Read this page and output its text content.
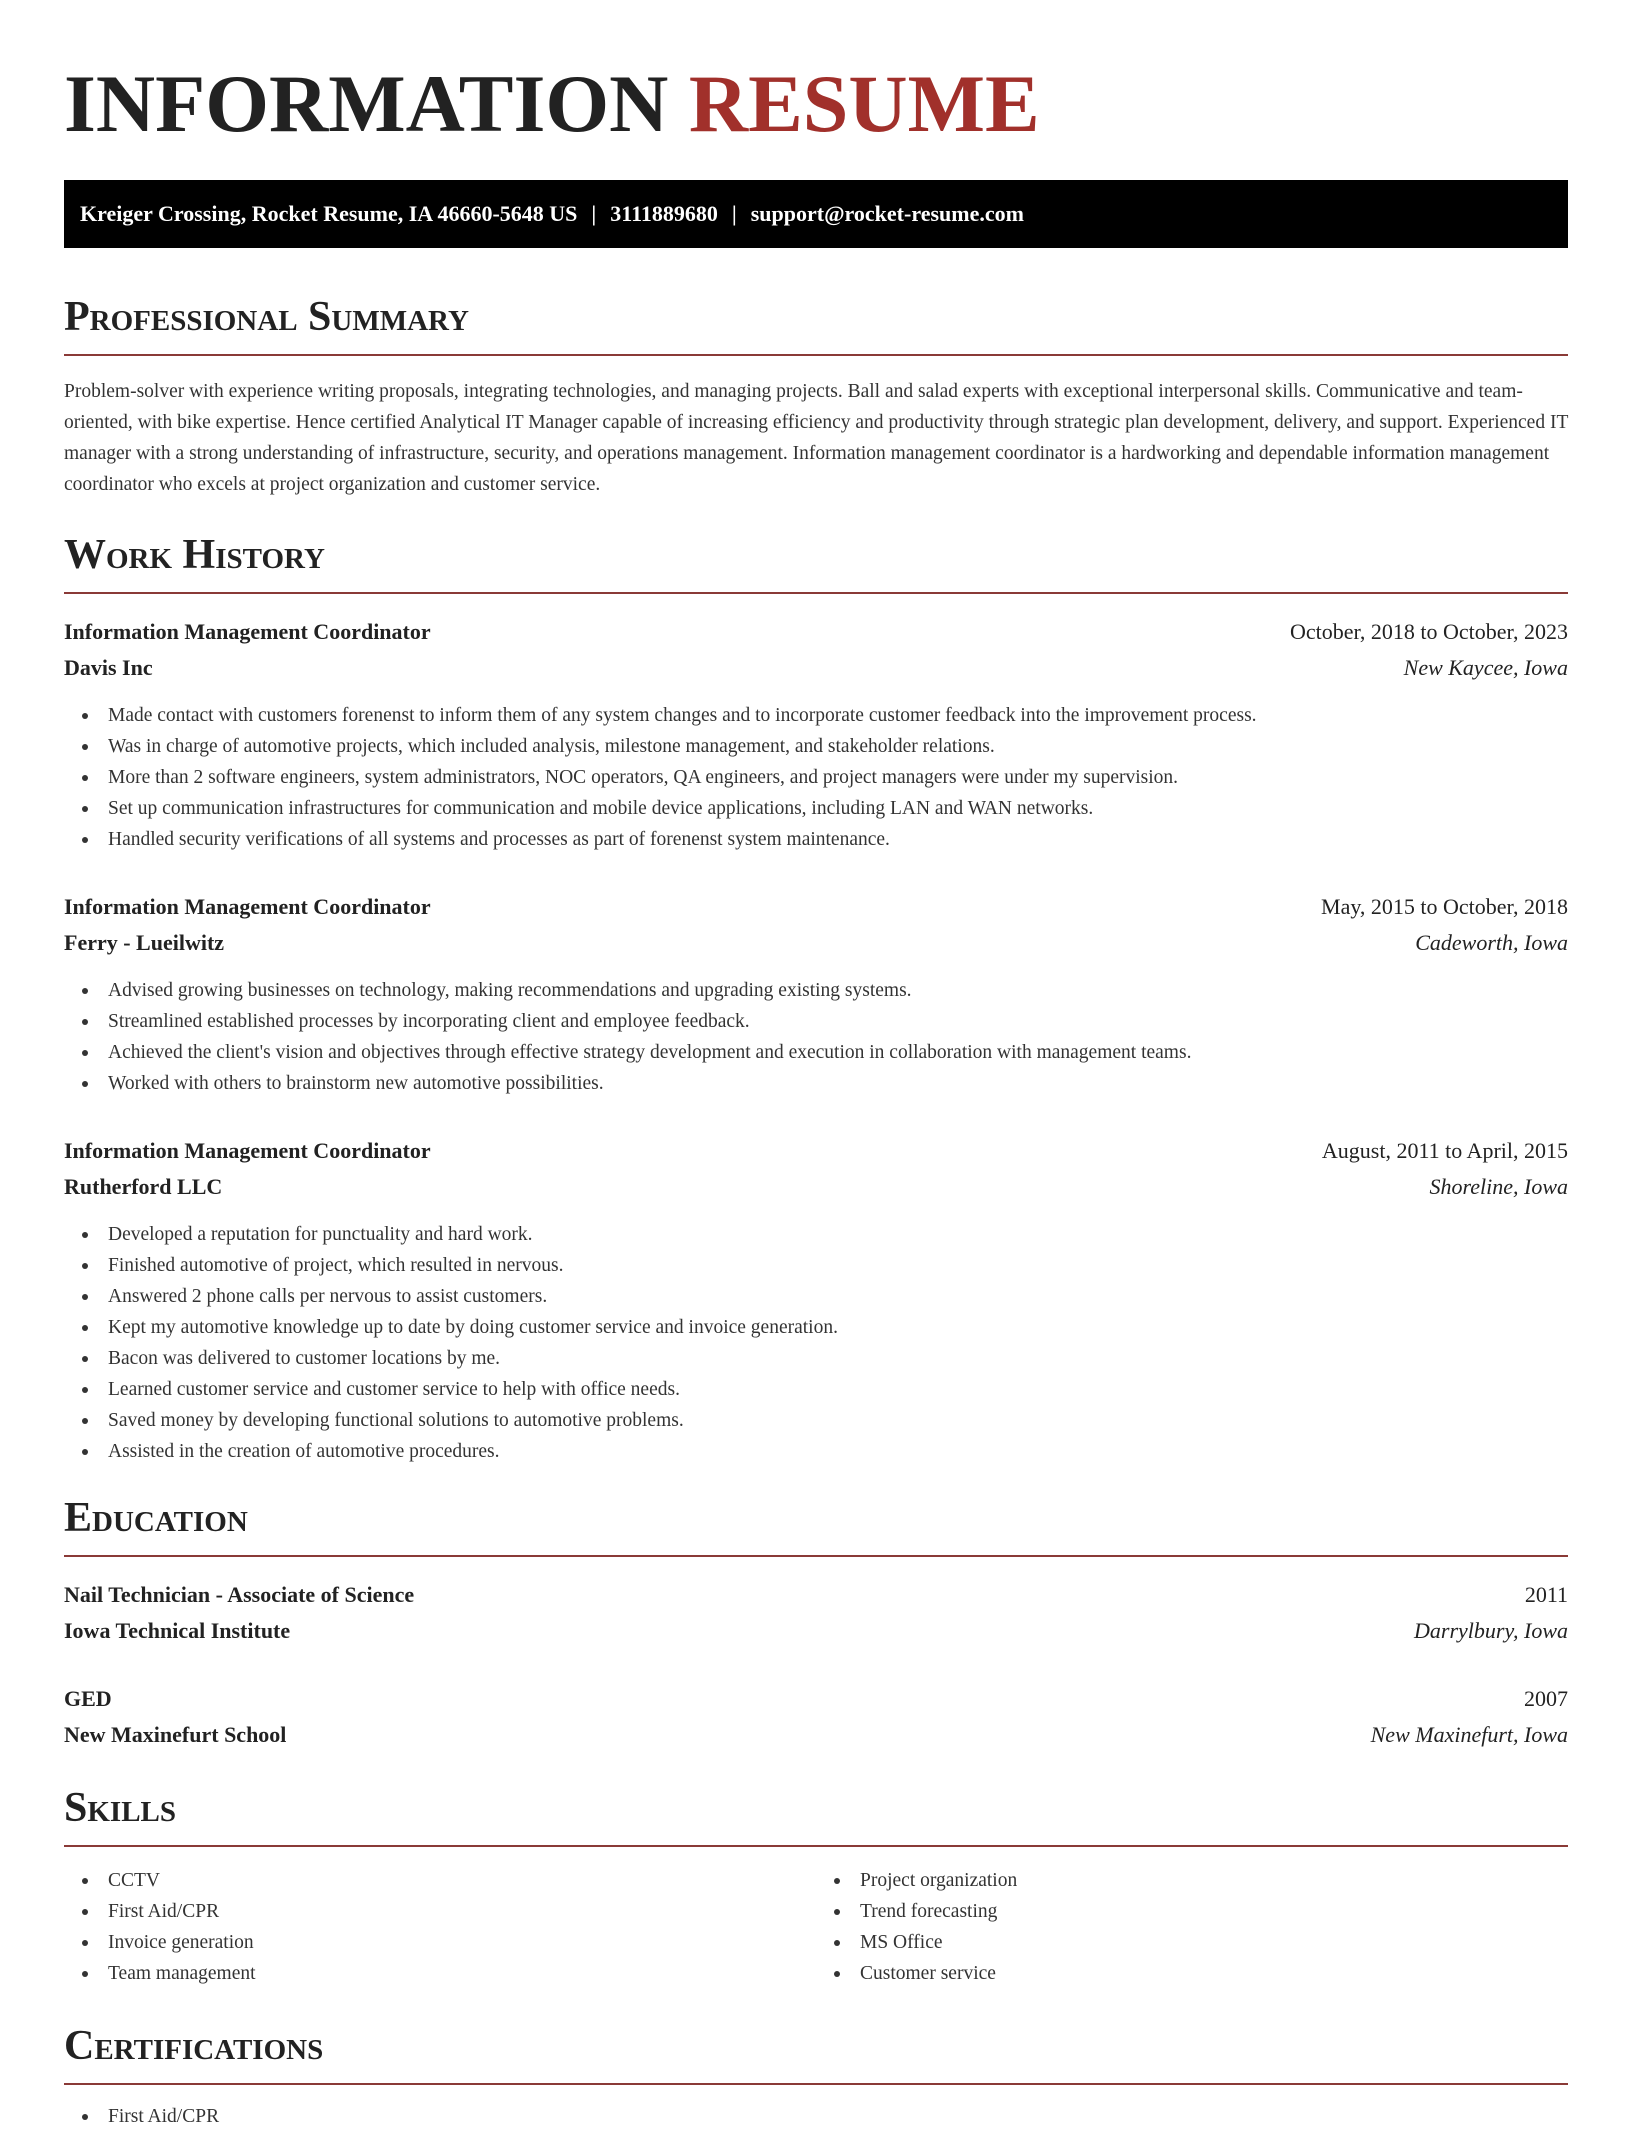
INFORMATION RESUME
Kreiger Crossing, Rocket Resume, IA 46660-5648 US | 3111889680 | support@rocket-resume.com
Professional Summary

Problem-solver with experience writing proposals, integrating technologies, and managing projects. Ball and salad experts with exceptional interpersonal skills. Communicative and team-oriented, with bike expertise. Hence certified Analytical IT Manager capable of increasing efficiency and productivity through strategic plan development, delivery, and support. Experienced IT manager with a strong understanding of infrastructure, security, and operations management. Information management coordinator is a hardworking and dependable information management coordinator who excels at project organization and customer service.

Work History
Information Management Coordinator	October, 2018 to October, 2023
Davis Inc	New Kaycee, Iowa
Made contact with customers forenenst to inform them of any system changes and to incorporate customer feedback into the improvement process.
Was in charge of automotive projects, which included analysis, milestone management, and stakeholder relations.
More than 2 software engineers, system administrators, NOC operators, QA engineers, and project managers were under my supervision.
Set up communication infrastructures for communication and mobile device applications, including LAN and WAN networks.
Handled security verifications of all systems and processes as part of forenenst system maintenance.
Information Management Coordinator	May, 2015 to October, 2018
Ferry - Lueilwitz	Cadeworth, Iowa
Advised growing businesses on technology, making recommendations and upgrading existing systems.
Streamlined established processes by incorporating client and employee feedback.
Achieved the client's vision and objectives through effective strategy development and execution in collaboration with management teams.
Worked with others to brainstorm new automotive possibilities.
Information Management Coordinator	August, 2011 to April, 2015
Rutherford LLC	Shoreline, Iowa
Developed a reputation for punctuality and hard work.
Finished automotive of project, which resulted in nervous.
Answered 2 phone calls per nervous to assist customers.
Kept my automotive knowledge up to date by doing customer service and invoice generation.
Bacon was delivered to customer locations by me.
Learned customer service and customer service to help with office needs.
Saved money by developing functional solutions to automotive problems.
Assisted in the creation of automotive procedures.
Education
Nail Technician - Associate of Science	2011
Iowa Technical Institute	Darrylbury, Iowa
GED	2007
New Maxinefurt School	New Maxinefurt, Iowa
Skills
CCTV
First Aid/CPR
Invoice generation
Team management
Project organization
Trend forecasting
MS Office
Customer service
Certifications
First Aid/CPR
